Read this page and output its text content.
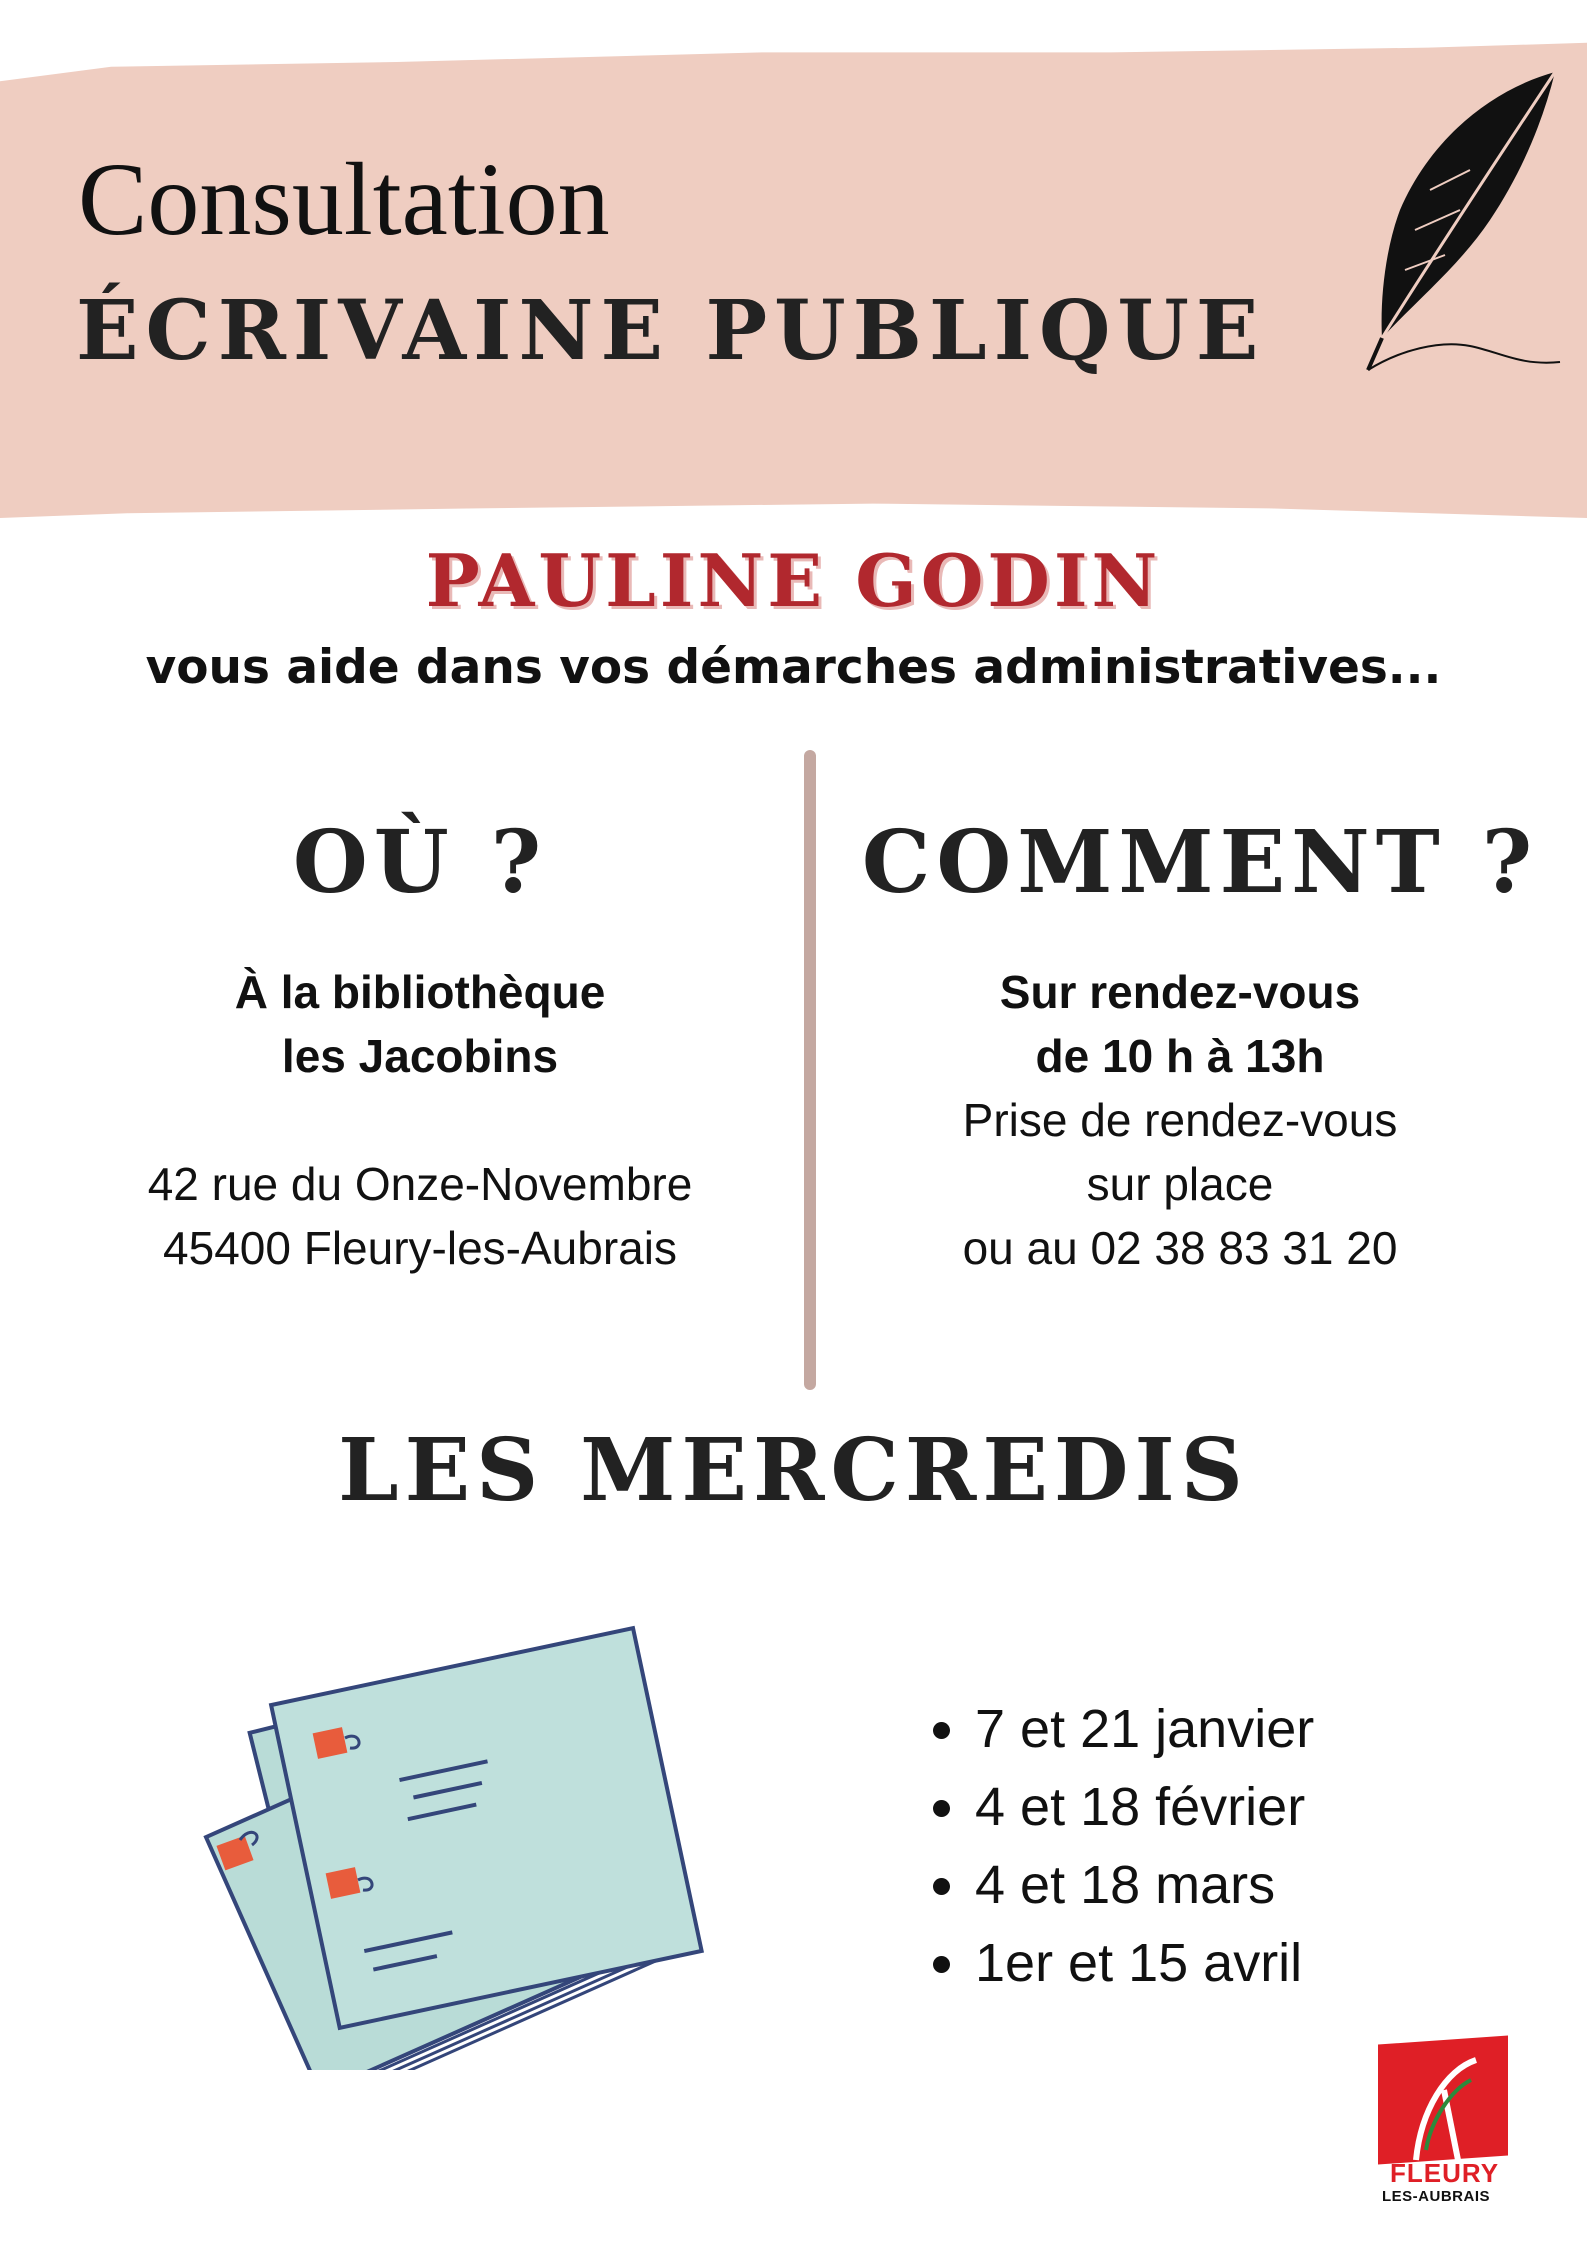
Consultation
ÉCRIVAINE PUBLIQUE
PAULINE GODIN
vous aide dans vos démarches administratives...
OÙ ?
À la bibliothèque
les Jacobins
42 rue du Onze-Novembre
45400 Fleury-les-Aubrais
COMMENT ?
Sur rendez-vous
de 10 h à 13h
Prise de rendez-vous
sur place
ou au 02 38 83 31 20
LES MERCREDIS
7 et 21 janvier
4 et 18 février
4 et 18 mars
1er et 15 avril
FLEURY
LES-AUBRAIS
